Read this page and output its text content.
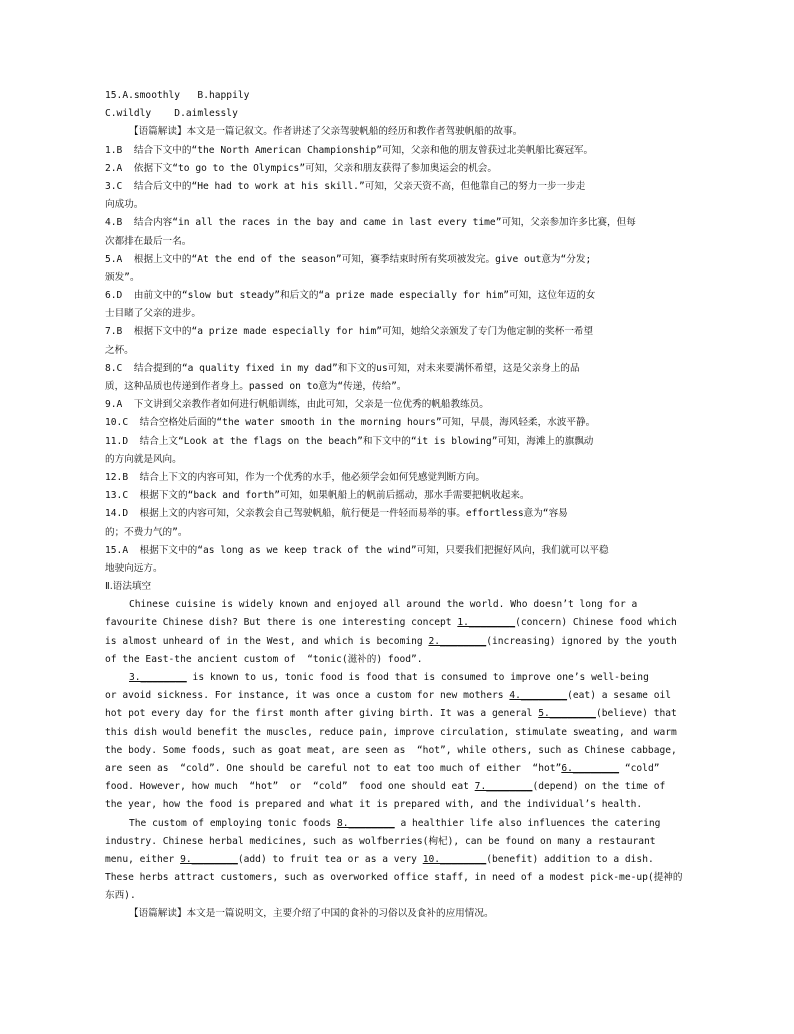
15.A.smoothly   B.happily
C.wildly    D.aimlessly
【语篇解读】本文是一篇记叙文。作者讲述了父亲驾驶帆船的经历和教作者驾驶帆船的故事。
1.B  结合下文中的“the North American Championship”可知，父亲和他的朋友曾获过北美帆船比赛冠军。
2.A  依据下文“to go to the Olympics”可知，父亲和朋友获得了参加奥运会的机会。
3.C  结合后文中的“He had to work at his skill.”可知，父亲天资不高，但他靠自己的努力一步一步走
向成功。
4.B  结合内容“in all the races in the bay and came in last every time”可知，父亲参加许多比赛，但每
次都排在最后一名。
5.A  根据上文中的“At the end of the season”可知，赛季结束时所有奖项被发完。give out意为“分发;
颁发”。
6.D  由前文中的“slow but steady”和后文的“a prize made especially for him”可知，这位年迈的女
士目睹了父亲的进步。
7.B  根据下文中的“a prize made especially for him”可知，她给父亲颁发了专门为他定制的奖杯一希望
之杯。
8.C  结合提到的“a quality fixed in my dad”和下文的us可知，对未来要满怀希望，这是父亲身上的品
质，这种品质也传递到作者身上。passed on to意为“传递，传给”。
9.A  下文讲到父亲教作者如何进行帆船训练，由此可知，父亲是一位优秀的帆船教练员。
10.C  结合空格处后面的“the water smooth in the morning hours”可知，早晨，海风轻柔，水波平静。
11.D  结合上文“Look at the flags on the beach”和下文中的“it is blowing”可知，海滩上的旗飘动
的方向就是风向。
12.B  结合上下文的内容可知，作为一个优秀的水手，他必须学会如何凭感觉判断方向。
13.C  根据下文的“back and forth”可知，如果帆船上的帆前后摇动，那水手需要把帆收起来。
14.D  根据上文的内容可知，父亲教会自己驾驶帆船，航行便是一件轻而易举的事。effortless意为“容易
的；不费力气的”。
15.A  根据下文中的“as long as we keep track of the wind”可知，只要我们把握好风向，我们就可以平稳
地驶向远方。
Ⅱ.语法填空
Chinese cuisine is widely known and enjoyed all around the world. Who doesn’t long for a
favourite Chinese dish? But there is one interesting concept 1.________(concern) Chinese food which
is almost unheard of in the West, and which is becoming 2.________(increasing) ignored by the youth
of the East-the ancient custom of  “tonic(滋补的) food”.
3.________ is known to us, tonic food is food that is consumed to improve one’s well-being
or avoid sickness. For instance, it was once a custom for new mothers 4.________(eat) a sesame oil
hot pot every day for the first month after giving birth. It was a general 5.________(believe) that
this dish would benefit the muscles, reduce pain, improve circulation, stimulate sweating, and warm
the body. Some foods, such as goat meat, are seen as  “hot”, while others, such as Chinese cabbage,
are seen as  “cold”. One should be careful not to eat too much of either  “hot”6.________ “cold”
food. However, how much  “hot”  or  “cold”  food one should eat 7.________(depend) on the time of
the year, how the food is prepared and what it is prepared with, and the individual’s health.
The custom of employing tonic foods 8.________ a healthier life also influences the catering
industry. Chinese herbal medicines, such as wolfberries(枸杞), can be found on many a restaurant
menu, either 9.________(add) to fruit tea or as a very 10.________(benefit) addition to a dish.
These herbs attract customers, such as overworked office staff, in need of a modest pick-me-up(提神的
东西).
【语篇解读】本文是一篇说明文，主要介绍了中国的食补的习俗以及食补的应用情况。
